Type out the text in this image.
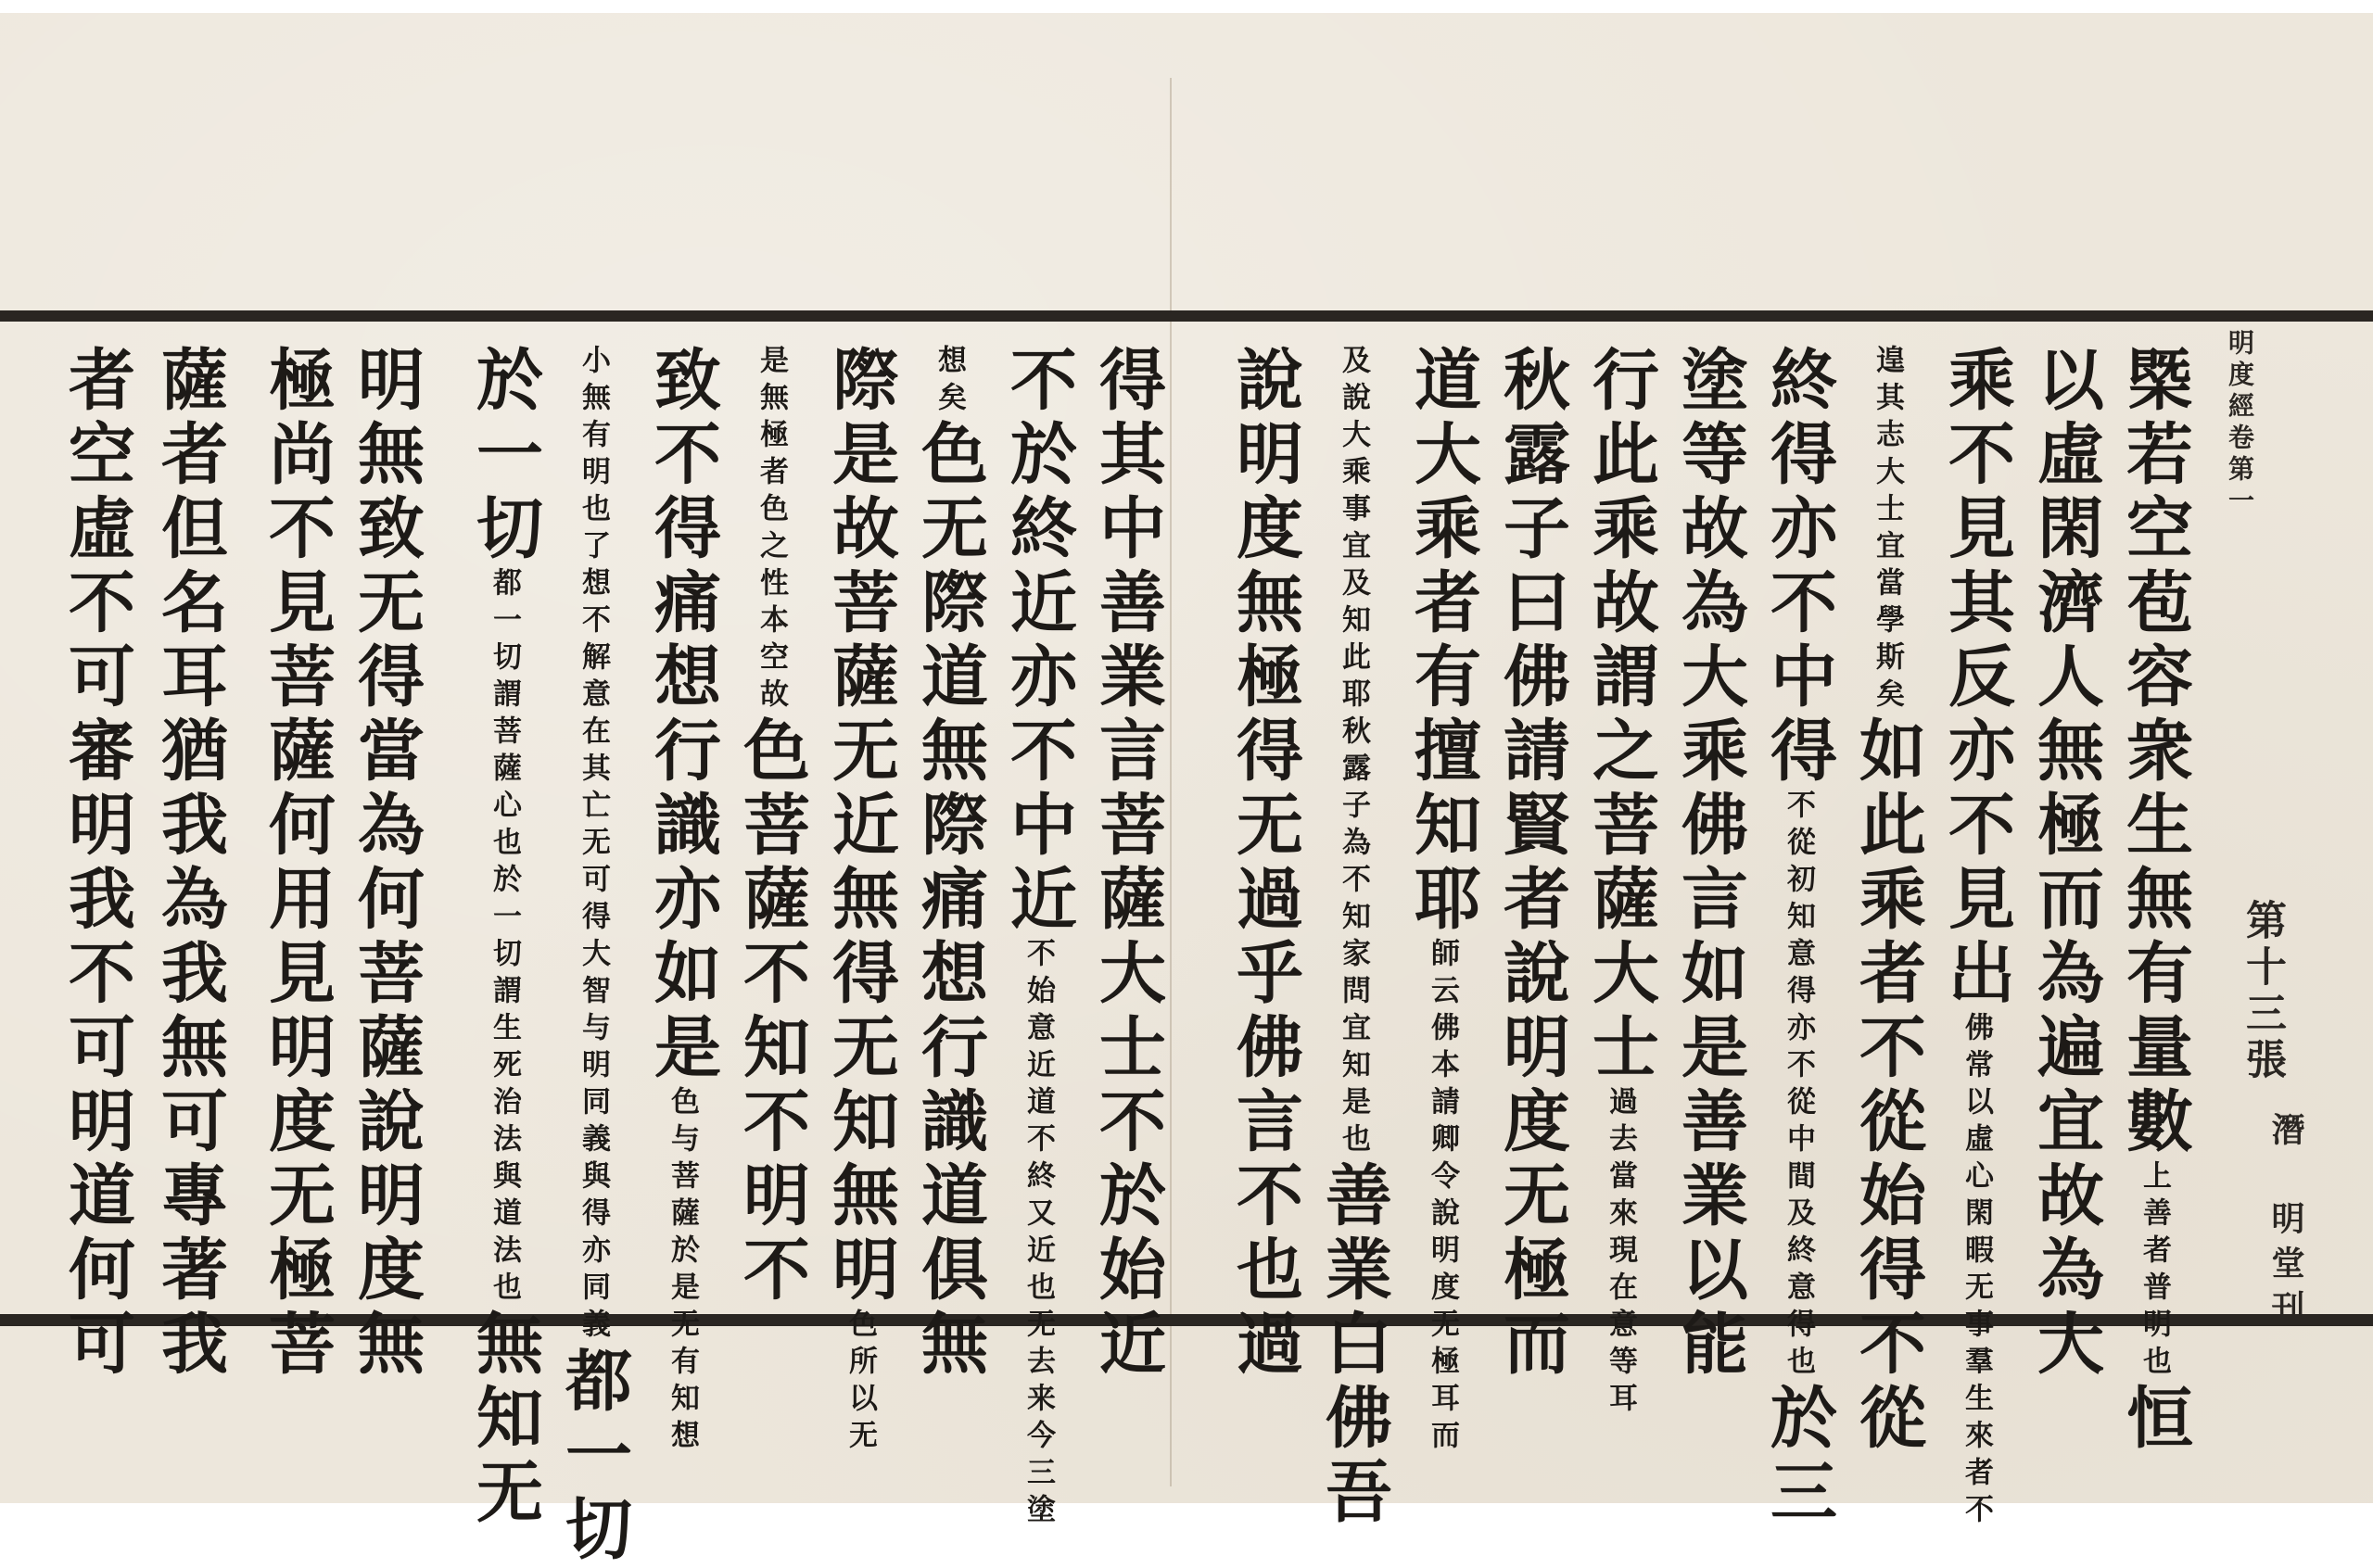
明度經卷第一
第十三張
潛　明堂刊
㮣若空苞容衆生無有量數上善者普明也恒
以虛閑濟人無極而為遍宜故為大
乘不見其反亦不見出佛常以虛心閑暇无事羣生來者不
遑其志大士宜當學斯矣如此乘者不從始得不從
終得亦不中得不從初知意得亦不從中間及終意得也於三
塗等故為大乘佛言如是善業以能
行此乘故謂之菩薩大士過去當來現在意等耳
秋露子曰佛請賢者說明度无極而
道大乘者有擅知耶師云佛本請卿令說明度无極耳而
及說大乘事宜及知此耶秋露子為不知家問宜知是也善業白佛吾
說明度無極得无過乎佛言不也過
得其中善業言菩薩大士不於始近
不於終近亦不中近不始意近道不終又近也无去来今三塗
想矣色无際道無際痛想行識道俱無
際是故菩薩无近無得无知無明色所以无
是無極者色之性本空故色菩薩不知不明不
致不得痛想行識亦如是色与菩薩於是无有知想
小無有明也了想不解意在其亡无可得大智与明同義與得亦同義都一切
於一切都一切謂菩薩心也於一切謂生死治法與道法也無知无
明無致无得當為何菩薩說明度無
極尚不見菩薩何用見明度无極菩
薩者但名耳猶我為我無可專著我
者空虛不可審明我不可明道何可
